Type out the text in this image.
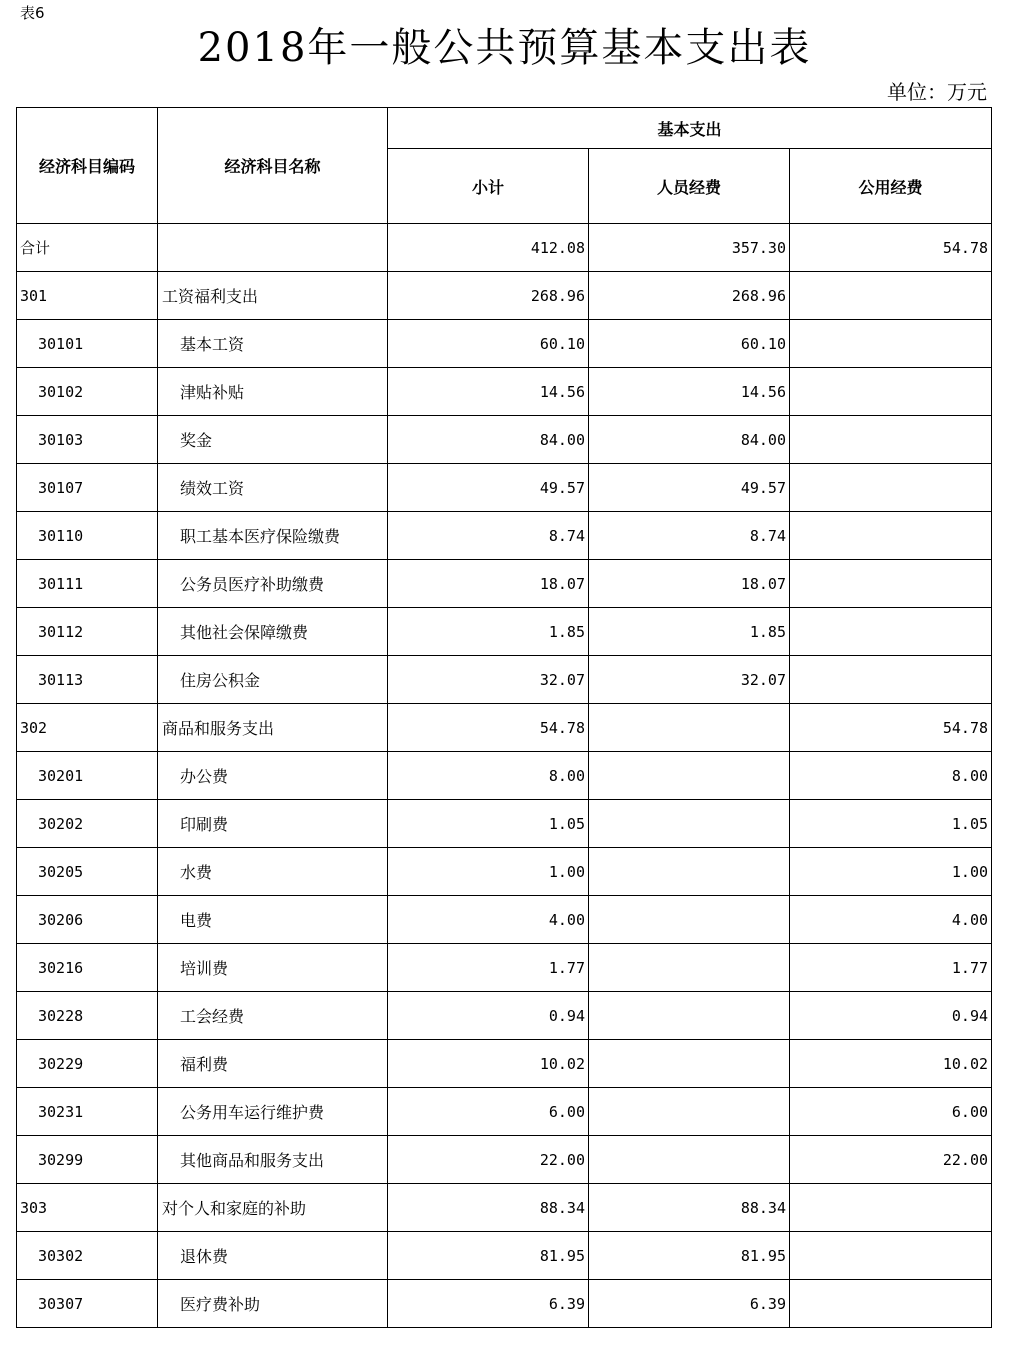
表6
2018年一般公共预算基本支出表
单位：万元
经济科目编码	经济科目名称	基本支出		
		小计	人员经费	公用经费
合计		412.08	357.30	54.78
301	工资福利支出	268.96	268.96	
30101	基本工资	60.10	60.10	
30102	津贴补贴	14.56	14.56	
30103	奖金	84.00	84.00	
30107	绩效工资	49.57	49.57	
30110	职工基本医疗保险缴费	8.74	8.74	
30111	公务员医疗补助缴费	18.07	18.07	
30112	其他社会保障缴费	1.85	1.85	
30113	住房公积金	32.07	32.07	
302	商品和服务支出	54.78		54.78
30201	办公费	8.00		8.00
30202	印刷费	1.05		1.05
30205	水费	1.00		1.00
30206	电费	4.00		4.00
30216	培训费	1.77		1.77
30228	工会经费	0.94		0.94
30229	福利费	10.02		10.02
30231	公务用车运行维护费	6.00		6.00
30299	其他商品和服务支出	22.00		22.00
303	对个人和家庭的补助	88.34	88.34	
30302	退休费	81.95	81.95	
30307	医疗费补助	6.39	6.39	
